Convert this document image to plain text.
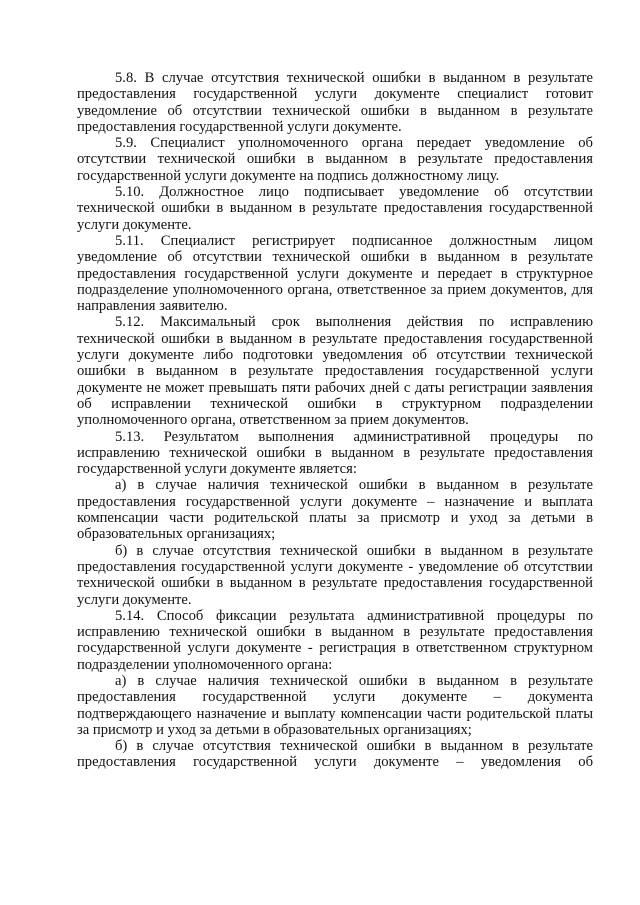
5.8. В случае отсутствия технической ошибки в выданном в результате предоставления государственной услуги документе специалист готовит уведомление об отсутствии технической ошибки в выданном в результате предоставления государственной услуги документе.

5.9. Специалист уполномоченного органа передает уведомление об отсутствии технической ошибки в выданном в результате предоставления государственной услуги документе на подпись должностному лицу.

5.10. Должностное лицо подписывает уведомление об отсутствии технической ошибки в выданном в результате предоставления государственной услуги документе.

5.11. Специалист регистрирует подписанное должностным лицом уведомление об отсутствии технической ошибки в выданном в результате предоставления государственной услуги документе и передает в структурное подразделение уполномоченного органа, ответственное за прием документов, для направления заявителю.

5.12. Максимальный срок выполнения действия по исправлению технической ошибки в выданном в результате предоставления государственной услуги документе либо подготовки уведомления об отсутствии технической ошибки в выданном в результате предоставления государственной услуги документе не может превышать пяти рабочих дней с даты регистрации заявления об исправлении технической ошибки в структурном подразделении уполномоченного органа, ответственном за прием документов.

5.13. Результатом выполнения административной процедуры по исправлению технической ошибки в выданном в результате предоставления государственной услуги документе является:

а) в случае наличия технической ошибки в выданном в результате предоставления государственной услуги документе – назначение и выплата компенсации части родительской платы за присмотр и уход за детьми в образовательных организациях;

б) в случае отсутствия технической ошибки в выданном в результате предоставления государственной услуги документе - уведомление об отсутствии технической ошибки в выданном в результате предоставления государственной услуги документе.

5.14. Способ фиксации результата административной процедуры по исправлению технической ошибки в выданном в результате предоставления государственной услуги документе - регистрация в ответственном структурном подразделении уполномоченного органа:

а) в случае наличия технической ошибки в выданном в результате предоставления государственной услуги документе – документа подтверждающего назначение и выплату компенсации части родительской платы за присмотр и уход за детьми в образовательных организациях;

б) в случае отсутствия технической ошибки в выданном в результате предоставления государственной услуги документе – уведомления об
